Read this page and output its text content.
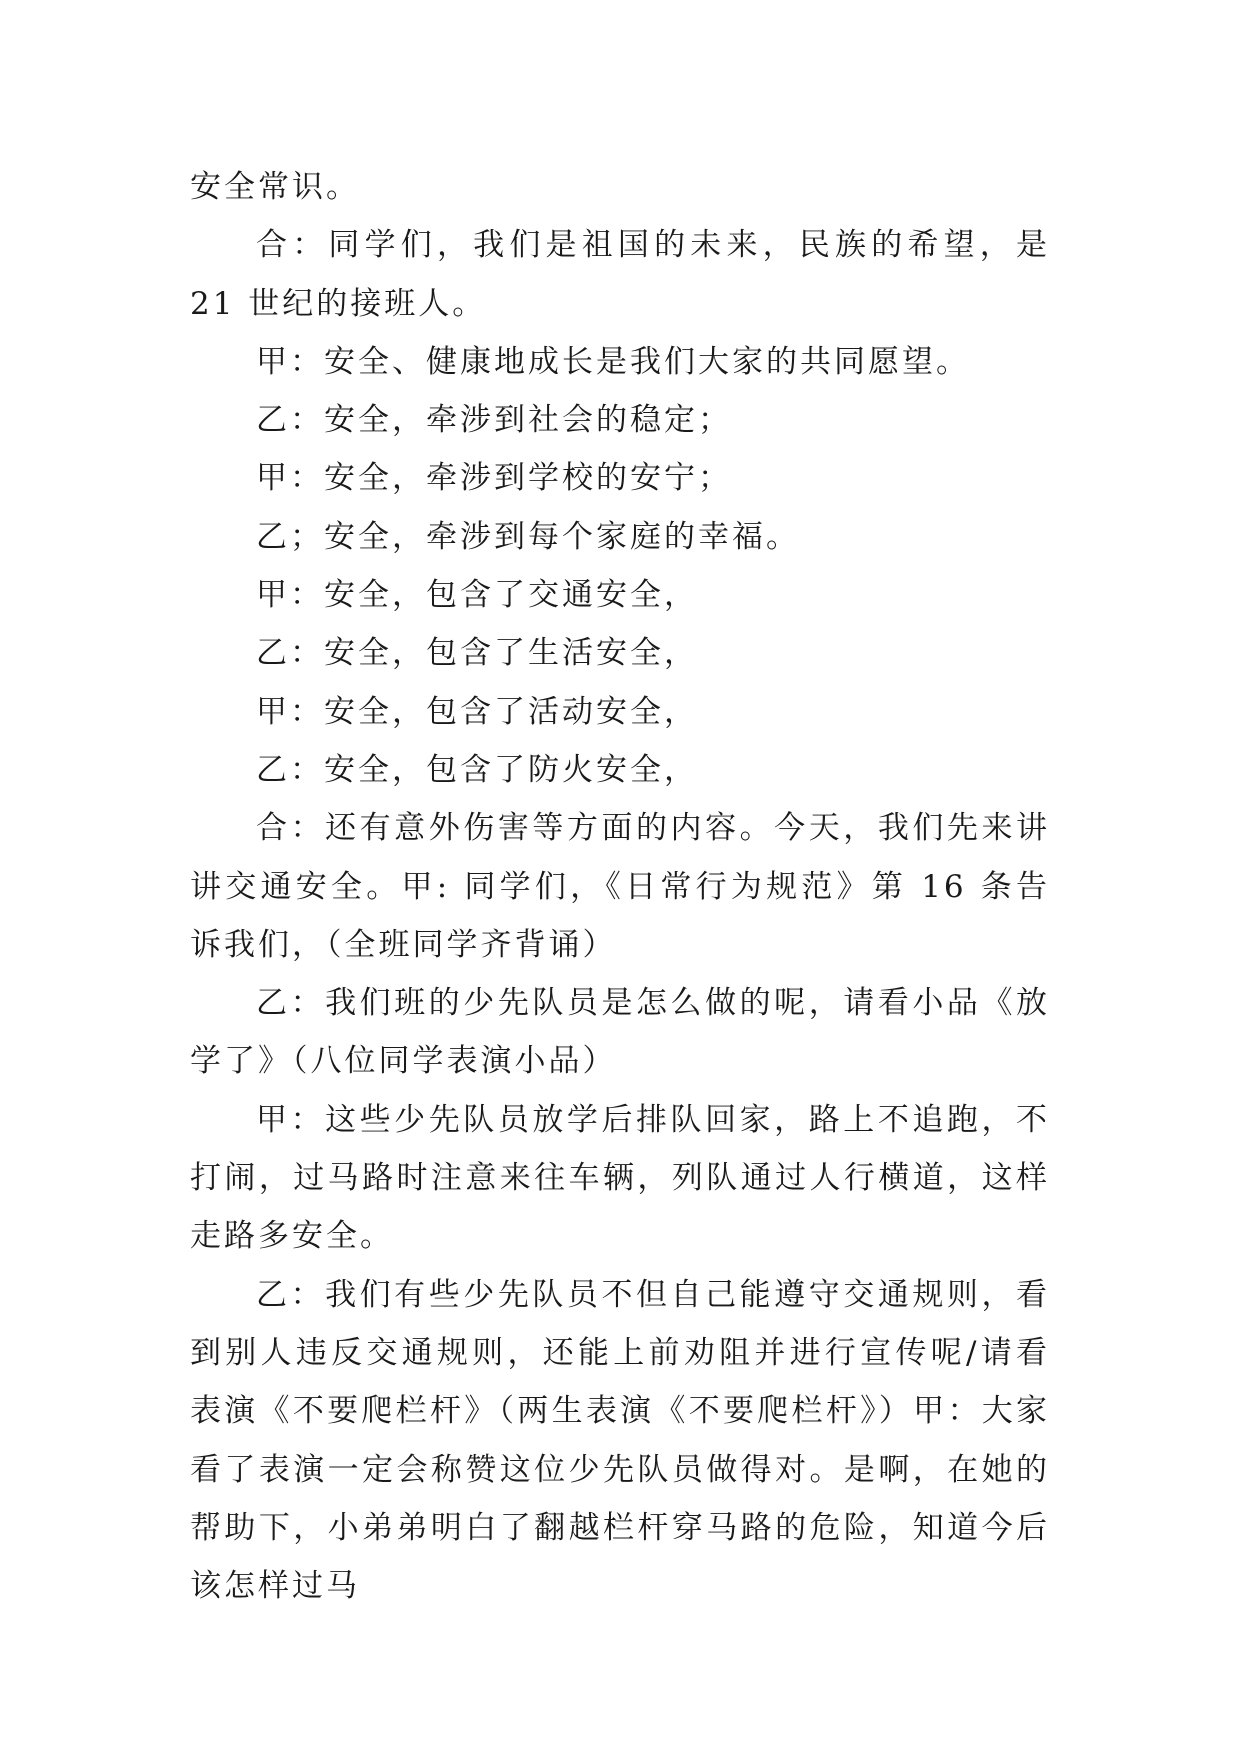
安全常识。

合：同学们，我们是祖国的未来，民族的希望，是 21 世纪的接班人。

甲：安全、健康地成长是我们大家的共同愿望。

乙：安全，牵涉到社会的稳定；

甲：安全，牵涉到学校的安宁；

乙；安全，牵涉到每个家庭的幸福。

甲：安全，包含了交通安全，

乙：安全，包含了生活安全，

甲：安全，包含了活动安全，

乙：安全，包含了防火安全，

合：还有意外伤害等方面的内容。今天，我们先来讲讲交通安全。甲: 同学们，《日常行为规范》第 16 条告诉我们，（全班同学齐背诵）

乙：我们班的少先队员是怎么做的呢，请看小品《放学了》（八位同学表演小品）

甲：这些少先队员放学后排队回家，路上不追跑，不打闹，过马路时注意来往车辆，列队通过人行横道，这样走路多安全。

乙：我们有些少先队员不但自己能遵守交通规则，看到别人违反交通规则，还能上前劝阻并进行宣传呢/请看表演《不要爬栏杆》（两生表演《不要爬栏杆》）甲：大家看了表演一定会称赞这位少先队员做得对。是啊，在她的帮助下，小弟弟明白了翻越栏杆穿马路的危险，知道今后该怎样过马
